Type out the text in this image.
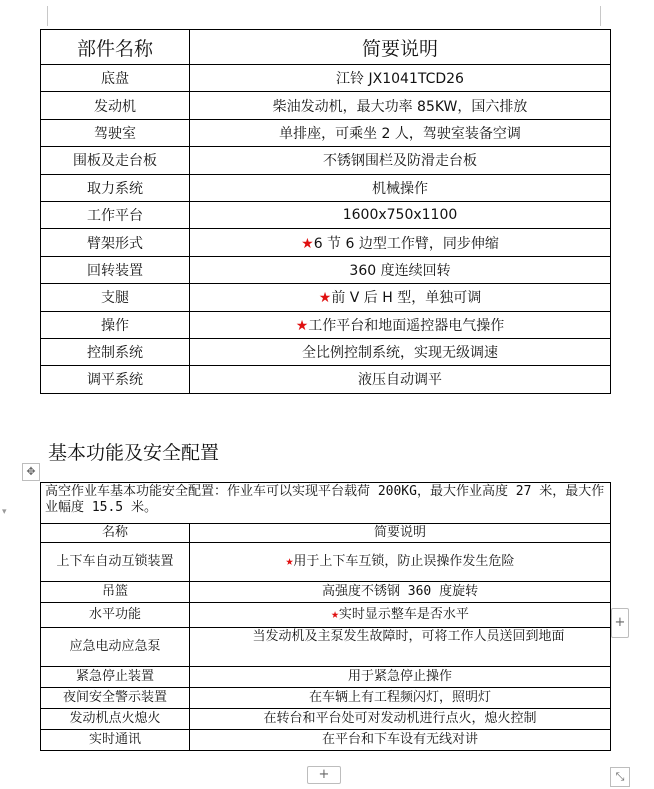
部件名称	简要说明
底盘	江铃 JX1041TCD26
发动机	柴油发动机，最大功率 85KW，国六排放
驾驶室	单排座，可乘坐 2 人，驾驶室装备空调
围板及走台板	不锈钢围栏及防滑走台板
取力系统	机械操作
工作平台	1600x750x1100
臂架形式	★6 节 6 边型工作臂，同步伸缩
回转装置	360 度连续回转
支腿	★前 V 后 H 型，单独可调
操作	★工作平台和地面遥控器电气操作
控制系统	全比例控制系统，实现无级调速
调平系统	液压自动调平
基本功能及安全配置
✥
▾
高空作业车基本功能安全配置：作业车可以实现平台载荷 200KG，最大作业高度 27 米，最大作业幅度 15.5 米。	
名称	简要说明
上下车自动互锁装置	★用于上下车互锁，防止误操作发生危险
吊篮	高强度不锈钢 360 度旋转
水平功能	★实时显示整车是否水平
应急电动应急泵	当发动机及主泵发生故障时，可将工作人员送回到地面
紧急停止装置	用于紧急停止操作
夜间安全警示装置	在车辆上有工程频闪灯，照明灯
发动机点火熄火	在转台和平台处可对发动机进行点火，熄火控制
实时通讯	在平台和下车设有无线对讲
+
+	⤡
